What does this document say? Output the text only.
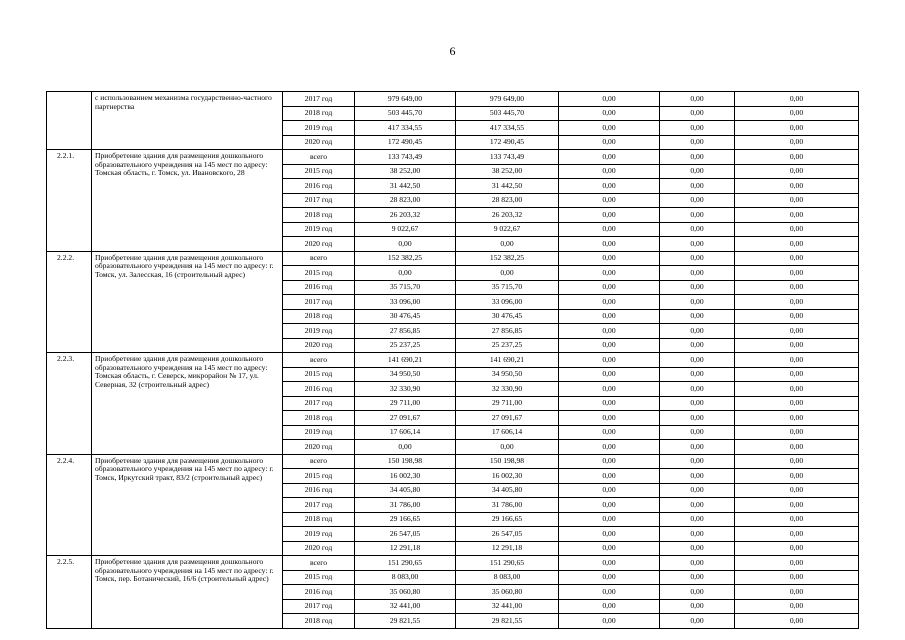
6
	с использованием механизма государственно-частного партнерства	2017 год	979 649,00	979 649,00	0,00	0,00	0,00
		2018 год	503 445,70	503 445,70	0,00	0,00	0,00
		2019 год	417 334,55	417 334,55	0,00	0,00	0,00
		2020 год	172 490,45	172 490,45	0,00	0,00	0,00
2.2.1.	Приобретение здания для размещения дошкольного образовательного учреждения на 145 мест по адресу: Томская область, г. Томск, ул. Ивановского, 28	всего	133 743,49	133 743,49	0,00	0,00	0,00
		2015 год	38 252,00	38 252,00	0,00	0,00	0,00
		2016 год	31 442,50	31 442,50	0,00	0,00	0,00
		2017 год	28 823,00	28 823,00	0,00	0,00	0,00
		2018 год	26 203,32	26 203,32	0,00	0,00	0,00
		2019 год	9 022,67	9 022,67	0,00	0,00	0,00
		2020 год	0,00	0,00	0,00	0,00	0,00
2.2.2.	Приобретение здания для размещения дошкольного образовательного учреждения на 145 мест по адресу: г. Томск, ул. Залесская, 16 (строительный адрес)	всего	152 382,25	152 382,25	0,00	0,00	0,00
		2015 год	0,00	0,00	0,00	0,00	0,00
		2016 год	35 715,70	35 715,70	0,00	0,00	0,00
		2017 год	33 096,00	33 096,00	0,00	0,00	0,00
		2018 год	30 476,45	30 476,45	0,00	0,00	0,00
		2019 год	27 856,85	27 856,85	0,00	0,00	0,00
		2020 год	25 237,25	25 237,25	0,00	0,00	0,00
2.2.3.	Приобретение здания для размещения дошкольного образовательного учреждения на 145 мест по адресу: Томская область, г. Северск, микрорайон № 17, ул. Северная, 32 (строительный адрес)	всего	141 690,21	141 690,21	0,00	0,00	0,00
		2015 год	34 950,50	34 950,50	0,00	0,00	0,00
		2016 год	32 330,90	32 330,90	0,00	0,00	0,00
		2017 год	29 711,00	29 711,00	0,00	0,00	0,00
		2018 год	27 091,67	27 091,67	0,00	0,00	0,00
		2019 год	17 606,14	17 606,14	0,00	0,00	0,00
		2020 год	0,00	0,00	0,00	0,00	0,00
2.2.4.	Приобретение здания для размещения дошкольного образовательного учреждения на 145 мест по адресу: г. Томск, Иркутский тракт, 83/2 (строительный адрес)	всего	150 198,98	150 198,98	0,00	0,00	0,00
		2015 год	16 002,30	16 002,30	0,00	0,00	0,00
		2016 год	34 405,80	34 405,80	0,00	0,00	0,00
		2017 год	31 786,00	31 786,00	0,00	0,00	0,00
		2018 год	29 166,65	29 166,65	0,00	0,00	0,00
		2019 год	26 547,05	26 547,05	0,00	0,00	0,00
		2020 год	12 291,18	12 291,18	0,00	0,00	0,00
2.2.5.	Приобретение здания для размещения дошкольного образовательного учреждения на 145 мест по адресу: г. Томск, пер. Ботанический, 16/6 (строительный адрес)	всего	151 290,65	151 290,65	0,00	0,00	0,00
		2015 год	8 083,00	8 083,00	0,00	0,00	0,00
		2016 год	35 060,80	35 060,80	0,00	0,00	0,00
		2017 год	32 441,00	32 441,00	0,00	0,00	0,00
		2018 год	29 821,55	29 821,55	0,00	0,00	0,00
